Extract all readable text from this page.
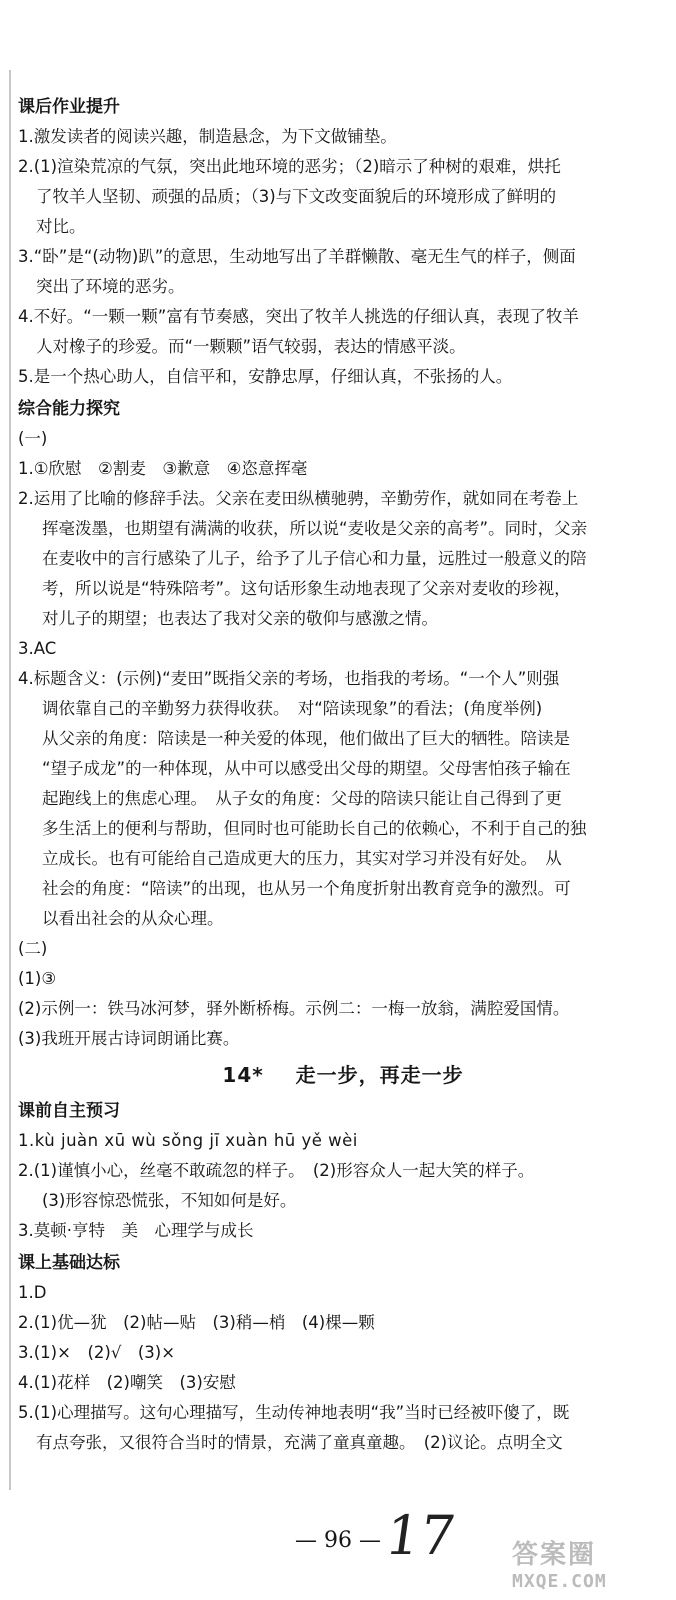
课后作业提升
1.激发读者的阅读兴趣，制造悬念，为下文做铺垫。
2.(1)渲染荒凉的气氛，突出此地环境的恶劣；（2)暗示了种树的艰难，烘托
了牧羊人坚韧、顽强的品质；（3)与下文改变面貌后的环境形成了鲜明的
对比。
3.“卧”是“(动物)趴”的意思，生动地写出了羊群懒散、毫无生气的样子，侧面
突出了环境的恶劣。
4.不好。“一颗一颗”富有节奏感，突出了牧羊人挑选的仔细认真，表现了牧羊
人对橡子的珍爱。而“一颗颗”语气较弱，表达的情感平淡。
5.是一个热心助人，自信平和，安静忠厚，仔细认真，不张扬的人。
综合能力探究
(一)
1.①欣慰　②割麦　③歉意　④恣意挥毫
2.运用了比喻的修辞手法。父亲在麦田纵横驰骋，辛勤劳作，就如同在考卷上
挥毫泼墨，也期望有满满的收获，所以说“麦收是父亲的高考”。同时，父亲
在麦收中的言行感染了儿子，给予了儿子信心和力量，远胜过一般意义的陪
考，所以说是“特殊陪考”。这句话形象生动地表现了父亲对麦收的珍视，
对儿子的期望；也表达了我对父亲的敬仰与感激之情。
3.AC
4.标题含义：(示例)“麦田”既指父亲的考场，也指我的考场。“一个人”则强
调依靠自己的辛勤努力获得收获。　对“陪读现象”的看法；(角度举例)
从父亲的角度：陪读是一种关爱的体现，他们做出了巨大的牺牲。陪读是
“望子成龙”的一种体现，从中可以感受出父母的期望。父母害怕孩子输在
起跑线上的焦虑心理。　从子女的角度：父母的陪读只能让自己得到了更
多生活上的便利与帮助，但同时也可能助长自己的依赖心，不利于自己的独
立成长。也有可能给自己造成更大的压力，其实对学习并没有好处。　从
社会的角度：“陪读”的出现，也从另一个角度折射出教育竞争的激烈。可
以看出社会的从众心理。
(二)
(1)③
(2)示例一：铁马冰河梦，驿外断桥梅。示例二：一梅一放翁，满腔爱国情。
(3)我班开展古诗词朗诵比赛。
14* 走一步，再走一步
课前自主预习
1.kù juàn xū wù sǒng jī xuàn hū yě wèi
2.(1)谨慎小心，丝毫不敢疏忽的样子。　(2)形容众人一起大笑的样子。
(3)形容惊恐慌张，不知如何是好。
3.莫顿·亨特　美　心理学与成长
课上基础达标
1.D
2.(1)优—犹　(2)帖—贴　(3)稍—梢　(4)棵—颗
3.(1)×　(2)√　(3)×
4.(1)花样　(2)嘲笑　(3)安慰
5.(1)心理描写。这句心理描写，生动传神地表明“我”当时已经被吓傻了，既
有点夸张，又很符合当时的情景，充满了童真童趣。　(2)议论。点明全文
— 96 — 17 答案圈
MXQE.COM
